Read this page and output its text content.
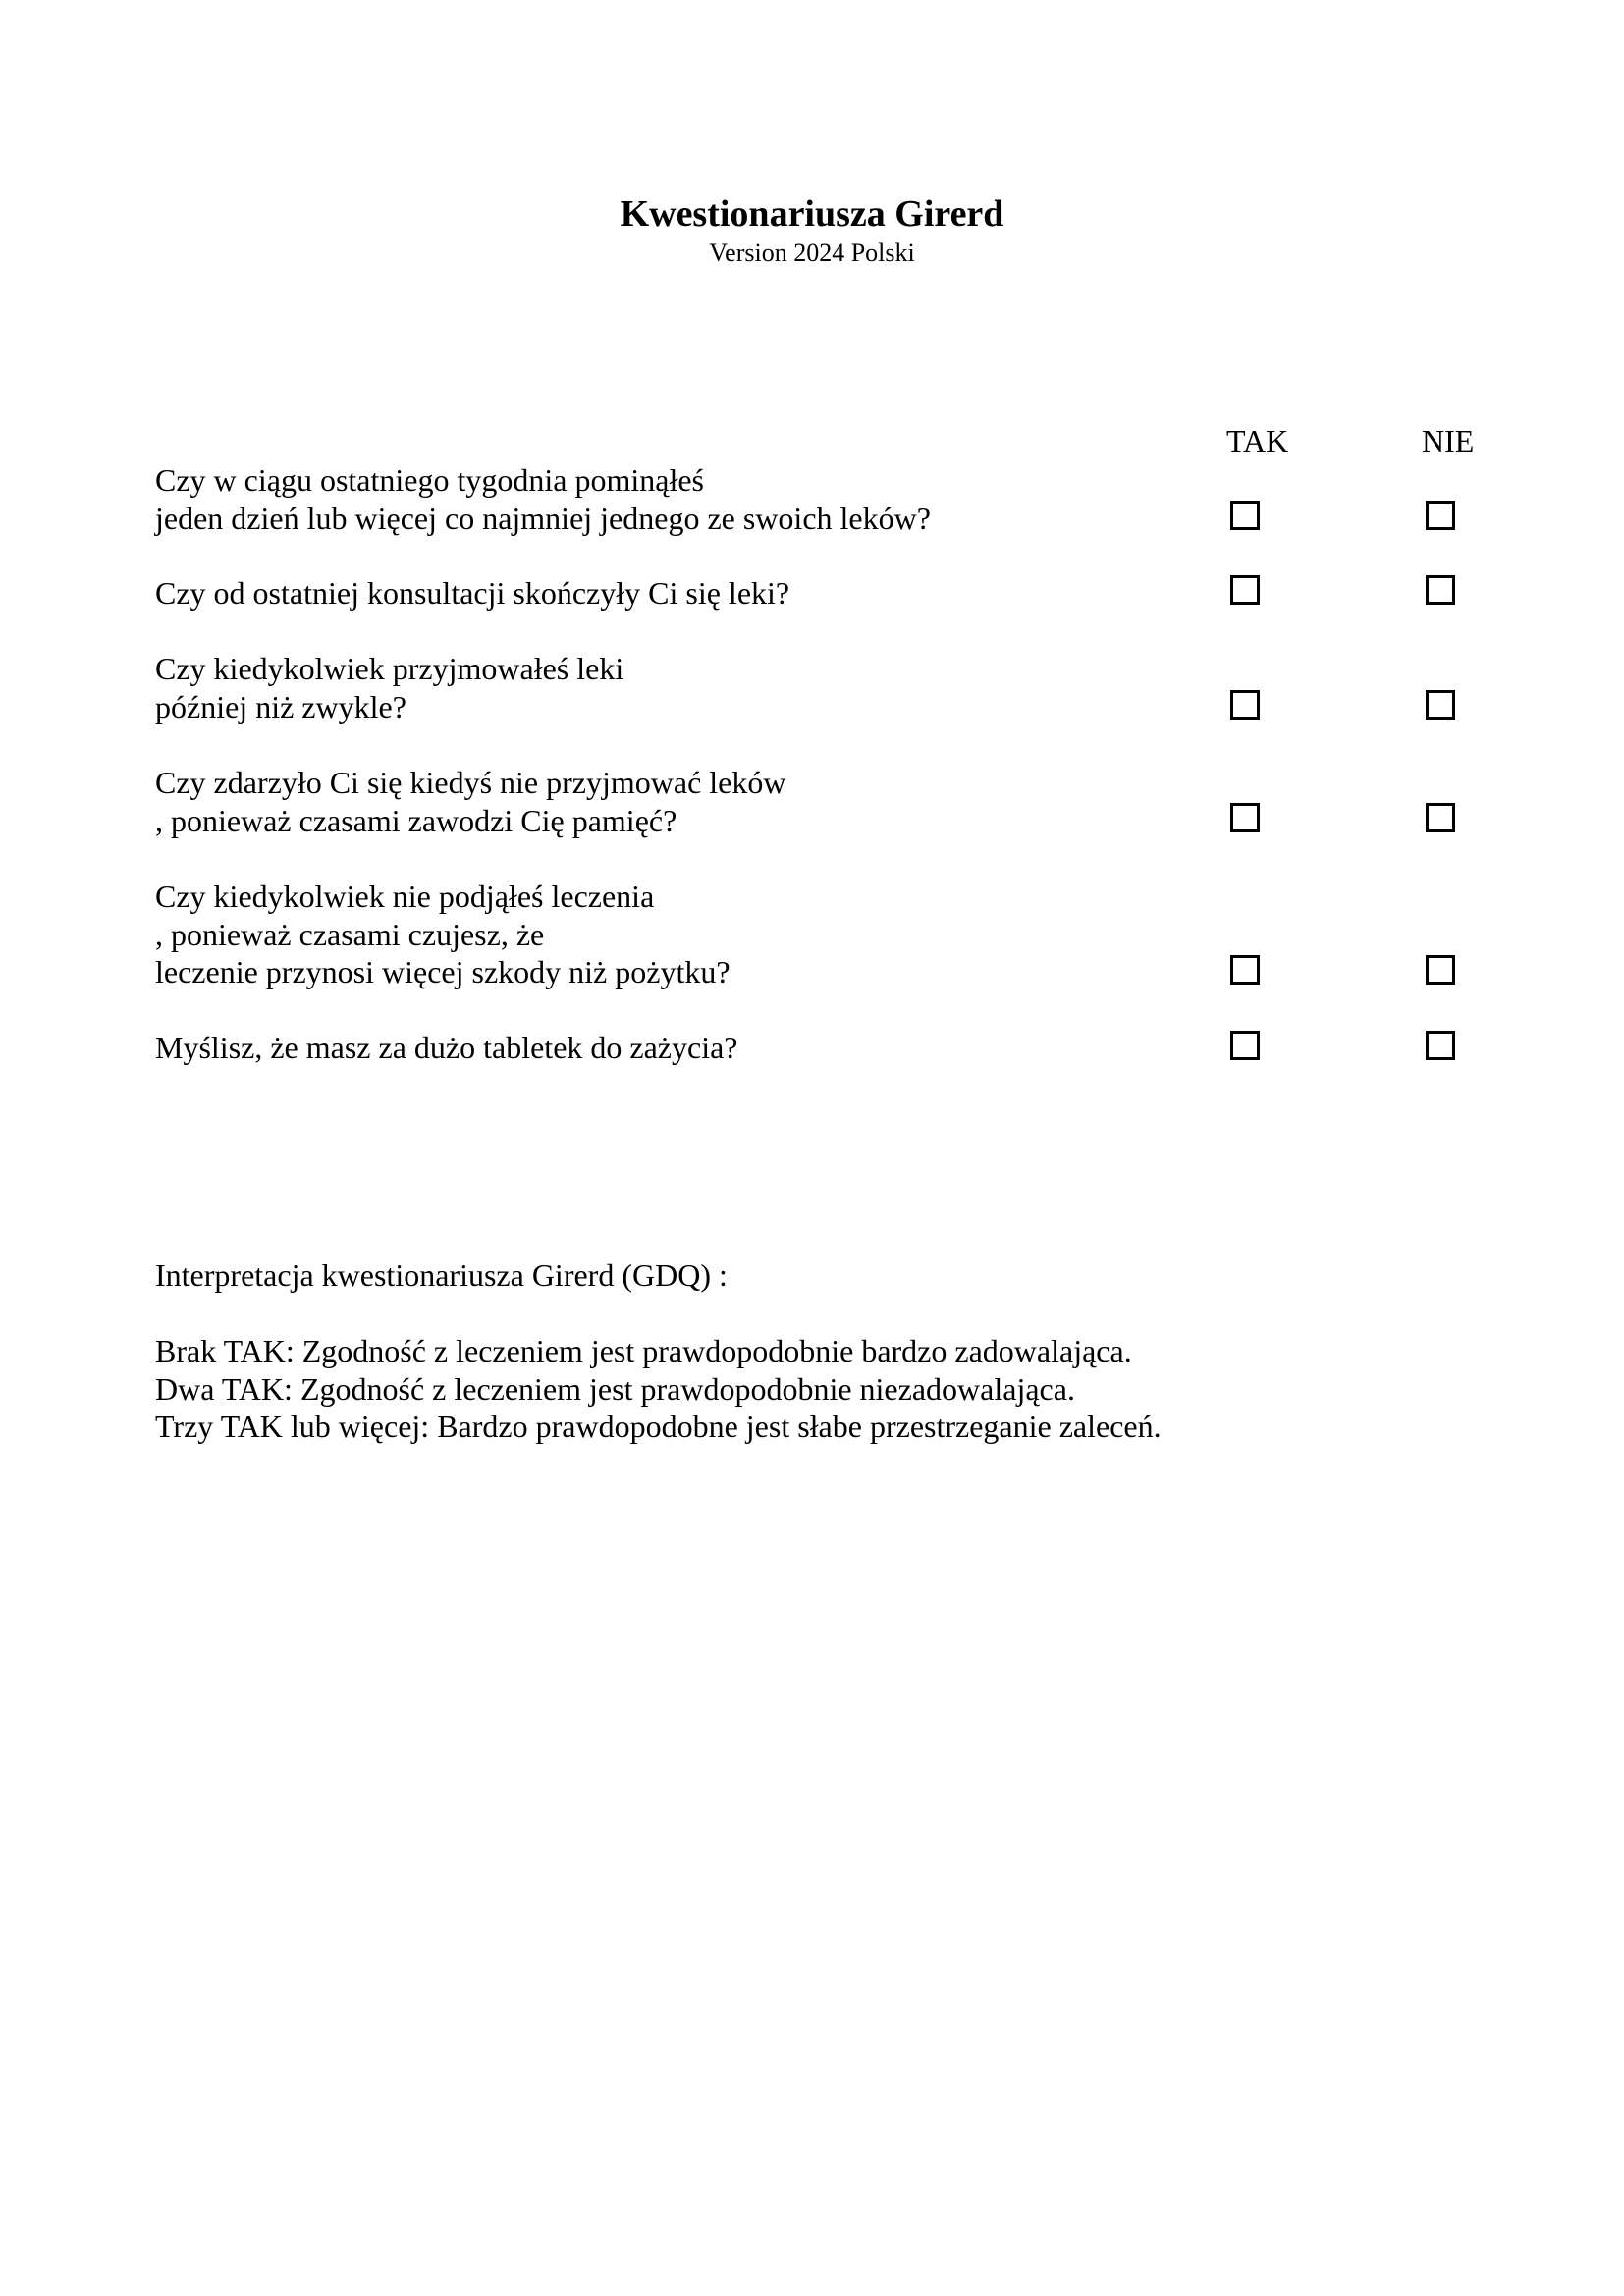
Kwestionariusza Girerd
Version 2024 Polski
TAK	NIE
Czy w ciągu ostatniego tygodnia pominąłeś
jeden dzień lub więcej co najmniej jednego ze swoich leków?
Czy od ostatniej konsultacji skończyły Ci się leki?
Czy kiedykolwiek przyjmowałeś leki
później niż zwykle?
Czy zdarzyło Ci się kiedyś nie przyjmować leków
, ponieważ czasami zawodzi Cię pamięć?
Czy kiedykolwiek nie podjąłeś leczenia
, ponieważ czasami czujesz, że
leczenie przynosi więcej szkody niż pożytku?
Myślisz, że masz za dużo tabletek do zażycia?
Interpretacja kwestionariusza Girerd (GDQ) :
Brak TAK: Zgodność z leczeniem jest prawdopodobnie bardzo zadowalająca.
Dwa TAK: Zgodność z leczeniem jest prawdopodobnie niezadowalająca.
Trzy TAK lub więcej: Bardzo prawdopodobne jest słabe przestrzeganie zaleceń.
